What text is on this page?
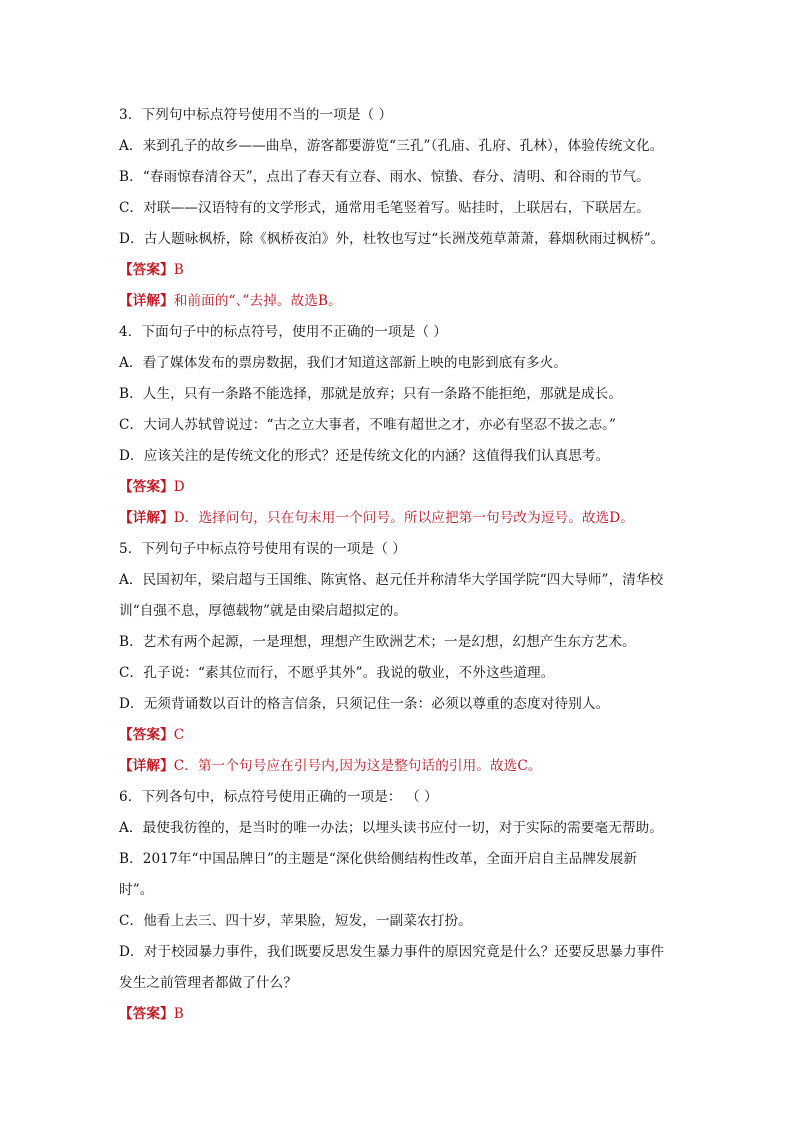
3．下列句中标点符号使用不当的一项是（ ）
A．来到孔子的故乡——曲阜，游客都要游览“三孔”（孔庙、孔府、孔林），体验传统文化。
B．“春雨惊春清谷天”，点出了春天有立春、雨水、惊蛰、春分、清明、和谷雨的节气。
C．对联——汉语特有的文学形式，通常用毛笔竖着写。贴挂时，上联居右，下联居左。
D．古人题咏枫桥，除《枫桥夜泊》外，杜牧也写过“长洲茂苑草萧萧，暮烟秋雨过枫桥”。
【答案】B
【详解】和前面的“、”去掉。故选B。
4．下面句子中的标点符号，使用不正确的一项是（ ）
A．看了媒体发布的票房数据，我们才知道这部新上映的电影到底有多火。
B．人生，只有一条路不能选择，那就是放弃；只有一条路不能拒绝，那就是成长。
C．大词人苏轼曾说过：“古之立大事者，不唯有超世之才，亦必有坚忍不拔之志。”
D．应该关注的是传统文化的形式？还是传统文化的内涵？这值得我们认真思考。
【答案】D
【详解】D．选择问句，只在句末用一个问号。所以应把第一句号改为逗号。故选D。
5．下列句子中标点符号使用有误的一项是（ ）
A．民国初年，梁启超与王国维、陈寅恪、赵元任并称清华大学国学院“四大导师”，清华校
训“自强不息，厚德载物”就是由梁启超拟定的。
B．艺术有两个起源，一是理想，理想产生欧洲艺术；一是幻想，幻想产生东方艺术。
C．孔子说：“素其位而行，不愿乎其外”。我说的敬业，不外这些道理。
D．无须背诵数以百计的格言信条，只须记住一条：必须以尊重的态度对待别人。
【答案】C
【详解】C．第一个句号应在引号内,因为这是整句话的引用。故选C。
6．下列各句中，标点符号使用正确的一项是： （ ）
A．最使我彷徨的，是当时的唯一办法；以埋头读书应付一切，对于实际的需要毫无帮助。
B．2017年“中国品牌日”的主题是“深化供给侧结构性改革，全面开启自主品牌发展新
时”。
C．他看上去三、四十岁，苹果脸，短发，一副菜农打扮。
D．对于校园暴力事件，我们既要反思发生暴力事件的原因究竟是什么？还要反思暴力事件
发生之前管理者都做了什么？
【答案】B
